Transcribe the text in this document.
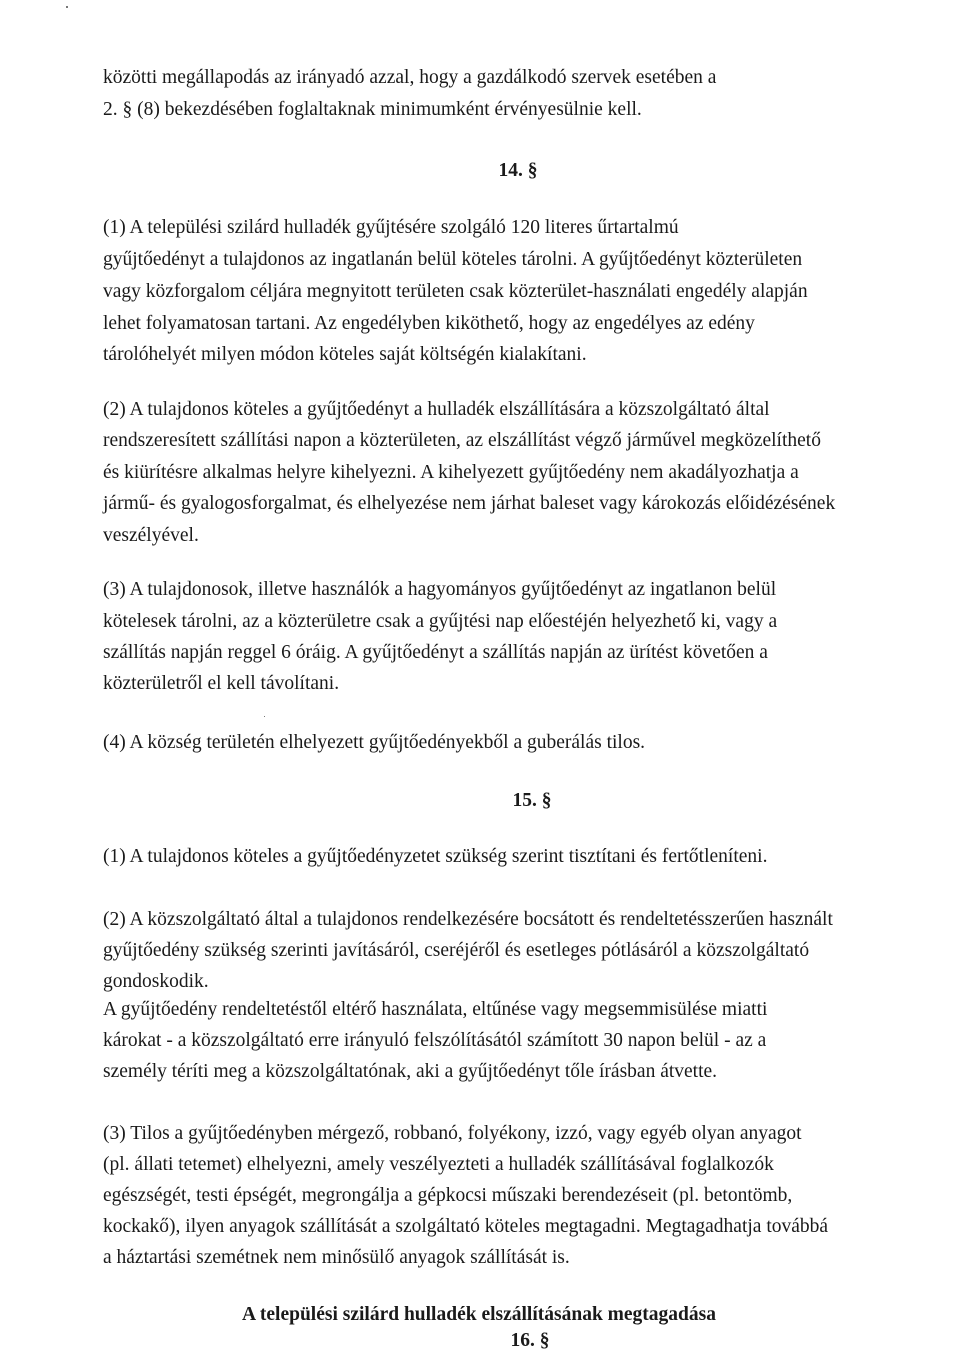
közötti megállapodás az irányadó azzal, hogy a gazdálkodó szervek esetében a
2. § (8) bekezdésében foglaltaknak minimumként érvényesülnie kell.
14. §
(1) A települési szilárd hulladék gyűjtésére szolgáló 120 literes űrtartalmú
gyűjtőedényt a tulajdonos az ingatlanán belül köteles tárolni. A gyűjtőedényt közterületen
vagy közforgalom céljára megnyitott területen csak közterület-használati engedély alapján
lehet folyamatosan tartani. Az engedélyben kiköthető, hogy az engedélyes az edény
tárolóhelyét milyen módon köteles saját költségén kialakítani.
(2) A tulajdonos köteles a gyűjtőedényt a hulladék elszállítására a közszolgáltató által
rendszeresített szállítási napon a közterületen, az elszállítást végző járművel megközelíthető
és kiürítésre alkalmas helyre kihelyezni. A kihelyezett gyűjtőedény nem akadályozhatja a
jármű- és gyalogosforgalmat, és elhelyezése nem járhat baleset vagy károkozás előidézésének
veszélyével.
(3) A tulajdonosok, illetve használók a hagyományos gyűjtőedényt az ingatlanon belül
kötelesek tárolni, az a közterületre csak a gyűjtési nap előestéjén helyezhető ki, vagy a
szállítás napján reggel 6 óráig. A gyűjtőedényt a szállítás napján az ürítést követően a
közterületről el kell távolítani.
(4) A község területén elhelyezett gyűjtőedényekből a guberálás tilos.
15. §
(1) A tulajdonos köteles a gyűjtőedényzetet szükség szerint tisztítani és fertőtleníteni.
(2) A közszolgáltató által a tulajdonos rendelkezésére bocsátott és rendeltetésszerűen használt
gyűjtőedény szükség szerinti javításáról, cseréjéről és esetleges pótlásáról a közszolgáltató
gondoskodik.
A gyűjtőedény rendeltetéstől eltérő használata, eltűnése vagy megsemmisülése miatti
károkat - a közszolgáltató erre irányuló felszólításától számított 30 napon belül - az a
személy téríti meg a közszolgáltatónak, aki a gyűjtőedényt tőle írásban átvette.
(3) Tilos a gyűjtőedényben mérgező, robbanó, folyékony, izzó, vagy egyéb olyan anyagot
(pl. állati tetemet) elhelyezni, amely veszélyezteti a hulladék szállításával foglalkozók
egészségét, testi épségét, megrongálja a gépkocsi műszaki berendezéseit (pl. betontömb,
kockakő), ilyen anyagok szállítását a szolgáltató köteles megtagadni. Megtagadhatja továbbá
a háztartási szemétnek nem minősülő anyagok szállítását is.
A települési szilárd hulladék elszállításának megtagadása
16. §
